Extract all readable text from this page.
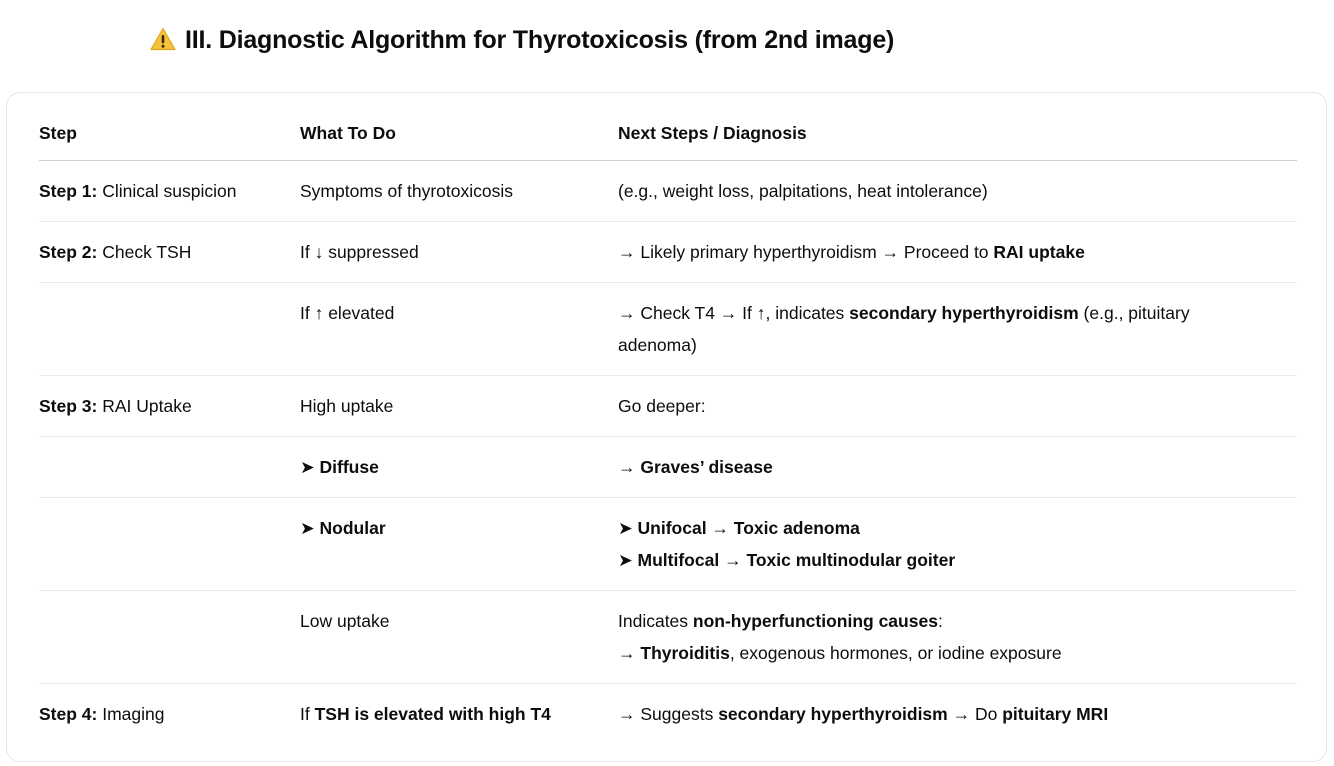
III. Diagnostic Algorithm for Thyrotoxicosis (from 2nd image)
Step	What To Do	Next Steps / Diagnosis

Step 1: Clinical suspicion	Symptoms of thyrotoxicosis	(e.g., weight loss, palpitations, heat intolerance)

Step 2: Check TSH	If ↓ suppressed	→ Likely primary hyperthyroidism → Proceed to RAI uptake

	If ↑ elevated	→ Check T4 → If ↑, indicates secondary hyperthyroidism (e.g., pituitary adenoma)

Step 3: RAI Uptake	High uptake	Go deeper:

	➤ Diffuse	→ Graves’ disease

	➤ Nodular	➤ Unifocal → Toxic adenoma
➤ Multifocal → Toxic multinodular goiter

	Low uptake	Indicates non-hyperfunctioning causes:
→ Thyroiditis, exogenous hormones, or iodine exposure

Step 4: Imaging	If TSH is elevated with high T4	→ Suggests secondary hyperthyroidism → Do pituitary MRI
